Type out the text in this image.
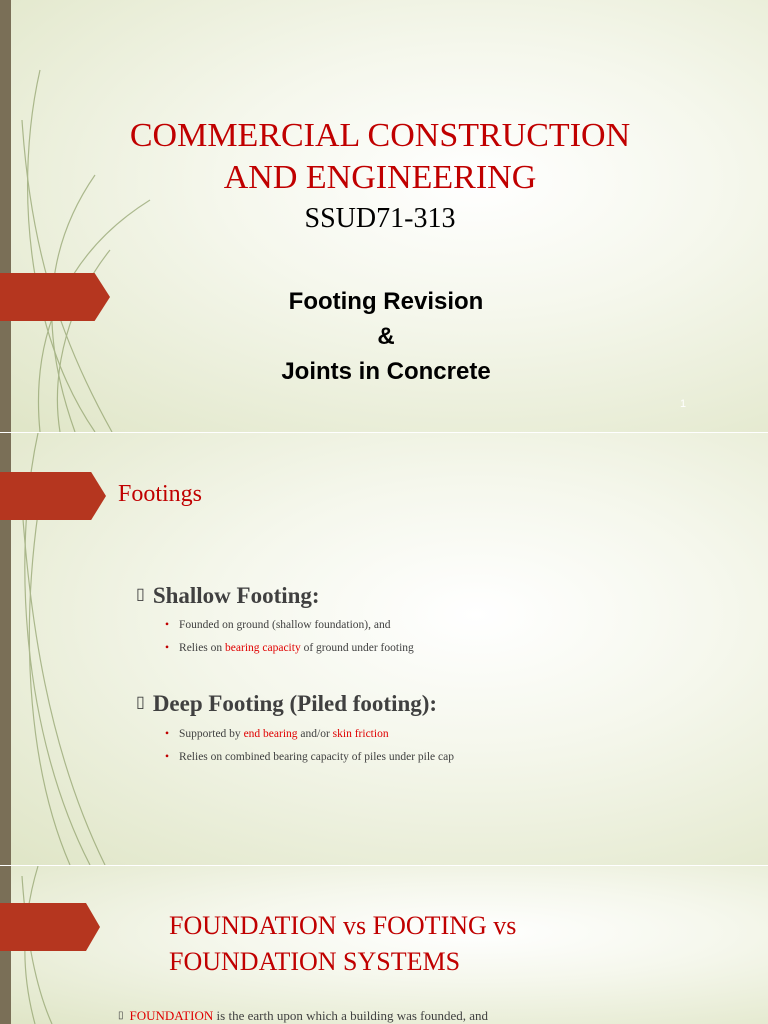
COMMERCIAL CONSTRUCTION
AND ENGINEERING
SSUD71-313
Footing Revision
&
Joints in Concrete
1
Footings
▯ Shallow Footing:
• Founded on ground (shallow foundation), and
• Relies on bearing capacity of ground under footing
▯ Deep Footing (Piled footing):
• Supported by end bearing and/or skin friction
• Relies on combined bearing capacity of piles under pile cap
FOUNDATION vs FOOTING vs
FOUNDATION SYSTEMS
▯ FOUNDATION is the earth upon which a building was founded, and
